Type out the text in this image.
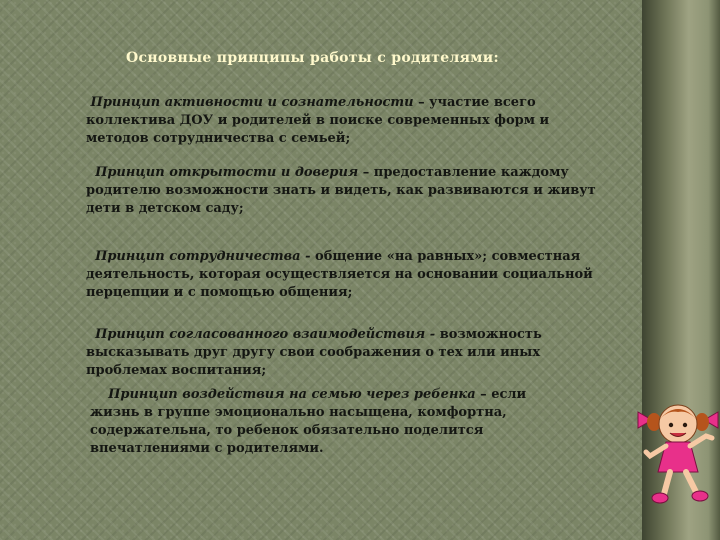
Основные принципы работы с родителями:
Принцип активности и сознательности – участие всего коллектива ДОУ и родителей в поиске современных форм и методов сотрудничества с семьей;
Принцип открытости и доверия – предоставление каждому родителю возможности знать и видеть, как развиваются и живут дети в детском саду;
Принцип сотрудничества - общение «на равных»; совместная деятельность, которая осуществляется на основании социальной перцепции и с помощью общения;
Принцип согласованного взаимодействия - возможность высказывать друг другу свои соображения о тех или иных проблемах воспитания;
Принцип воздействия на семью через ребенка – если жизнь в группе эмоционально насыщена, комфортна, содержательна, то ребенок обязательно поделится впечатлениями с родителями.
